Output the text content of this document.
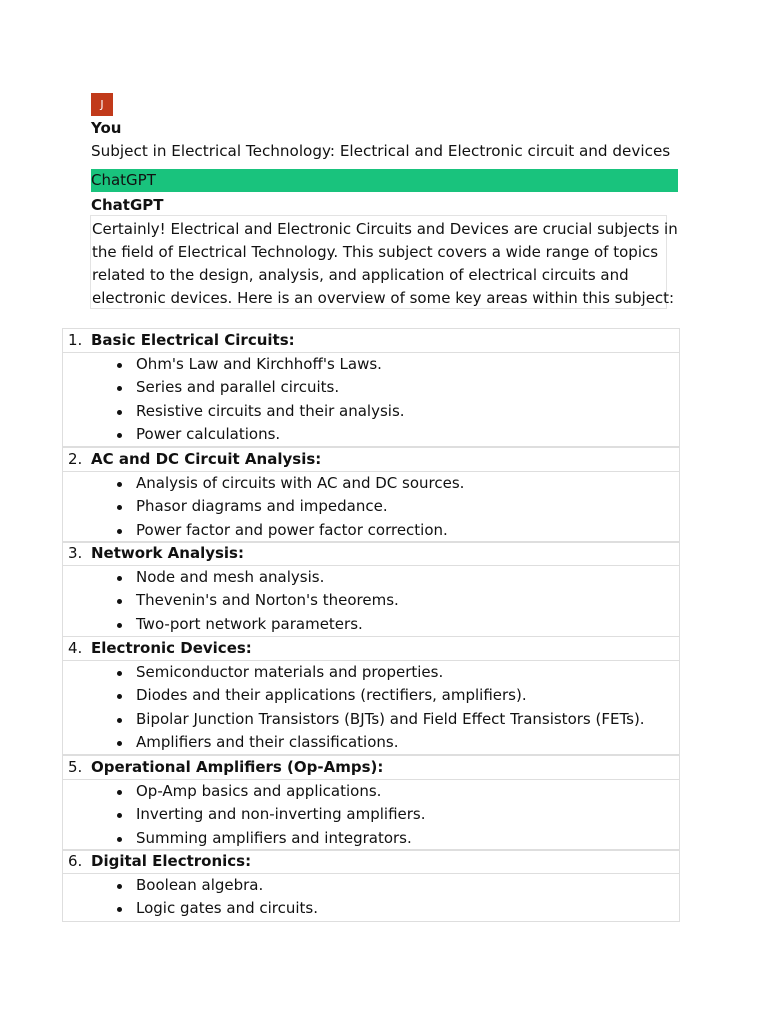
J
You
Subject in Electrical Technology: Electrical and Electronic circuit and devices
ChatGPT
ChatGPT
Certainly! Electrical and Electronic Circuits and Devices are crucial subjects in
the field of Electrical Technology. This subject covers a wide range of topics
related to the design, analysis, and application of electrical circuits and
electronic devices. Here is an overview of some key areas within this subject:
1. Basic Electrical Circuits:
Ohm's Law and Kirchhoff's Laws.
Series and parallel circuits.
Resistive circuits and their analysis.
Power calculations.
2. AC and DC Circuit Analysis:
Analysis of circuits with AC and DC sources.
Phasor diagrams and impedance.
Power factor and power factor correction.
3. Network Analysis:
Node and mesh analysis.
Thevenin's and Norton's theorems.
Two-port network parameters.
4. Electronic Devices:
Semiconductor materials and properties.
Diodes and their applications (rectifiers, amplifiers).
Bipolar Junction Transistors (BJTs) and Field Effect Transistors (FETs).
Amplifiers and their classifications.
5. Operational Amplifiers (Op-Amps):
Op-Amp basics and applications.
Inverting and non-inverting amplifiers.
Summing amplifiers and integrators.
6. Digital Electronics:
Boolean algebra.
Logic gates and circuits.
